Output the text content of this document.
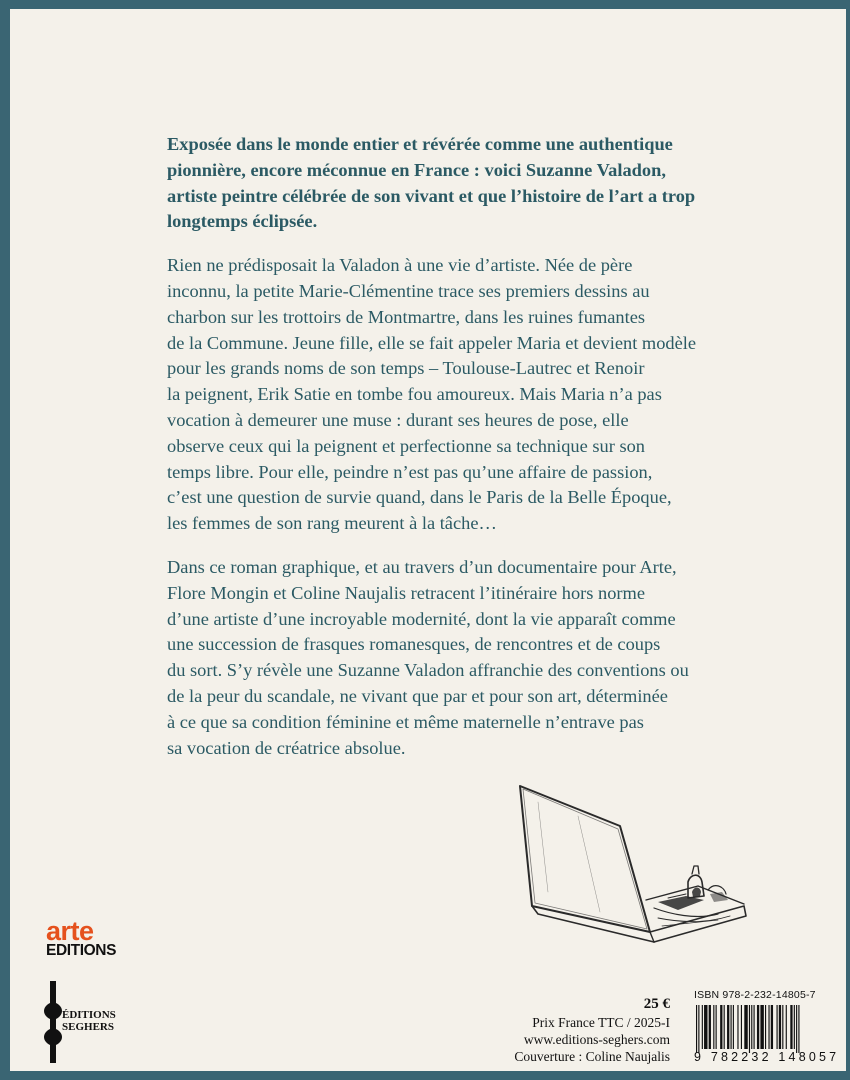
Exposée dans le monde entier et révérée comme une authentique
pionnière, encore méconnue en France : voici Suzanne Valadon,
artiste peintre célébrée de son vivant et que l’histoire de l’art a trop
longtemps éclipsée.

Rien ne prédisposait la Valadon à une vie d’artiste. Née de père
inconnu, la petite Marie-Clémentine trace ses premiers dessins au
charbon sur les trottoirs de Montmartre, dans les ruines fumantes
de la Commune. Jeune fille, elle se fait appeler Maria et devient modèle
pour les grands noms de son temps – Toulouse-Lautrec et Renoir
la peignent, Erik Satie en tombe fou amoureux. Mais Maria n’a pas
vocation à demeurer une muse : durant ses heures de pose, elle
observe ceux qui la peignent et perfectionne sa technique sur son
temps libre. Pour elle, peindre n’est pas qu’une affaire de passion,
c’est une question de survie quand, dans le Paris de la Belle Époque,
les femmes de son rang meurent à la tâche…

Dans ce roman graphique, et au travers d’un documentaire pour Arte,
Flore Mongin et Coline Naujalis retracent l’itinéraire hors norme
d’une artiste d’une incroyable modernité, dont la vie apparaît comme
une succession de frasques romanesques, de rencontres et de coups
du sort. S’y révèle une Suzanne Valadon affranchie des conventions ou
de la peur du scandale, ne vivant que par et pour son art, déterminée
à ce que sa condition féminine et même maternelle n’entrave pas
sa vocation de créatrice absolue.

arte
EDITIONS
ÉDITIONS
SEGHERS
25 €
Prix France TTC / 2025-I
www.editions-seghers.com
Couverture : Coline Naujalis
ISBN 978-2-232-14805-7
9 782232 148057
